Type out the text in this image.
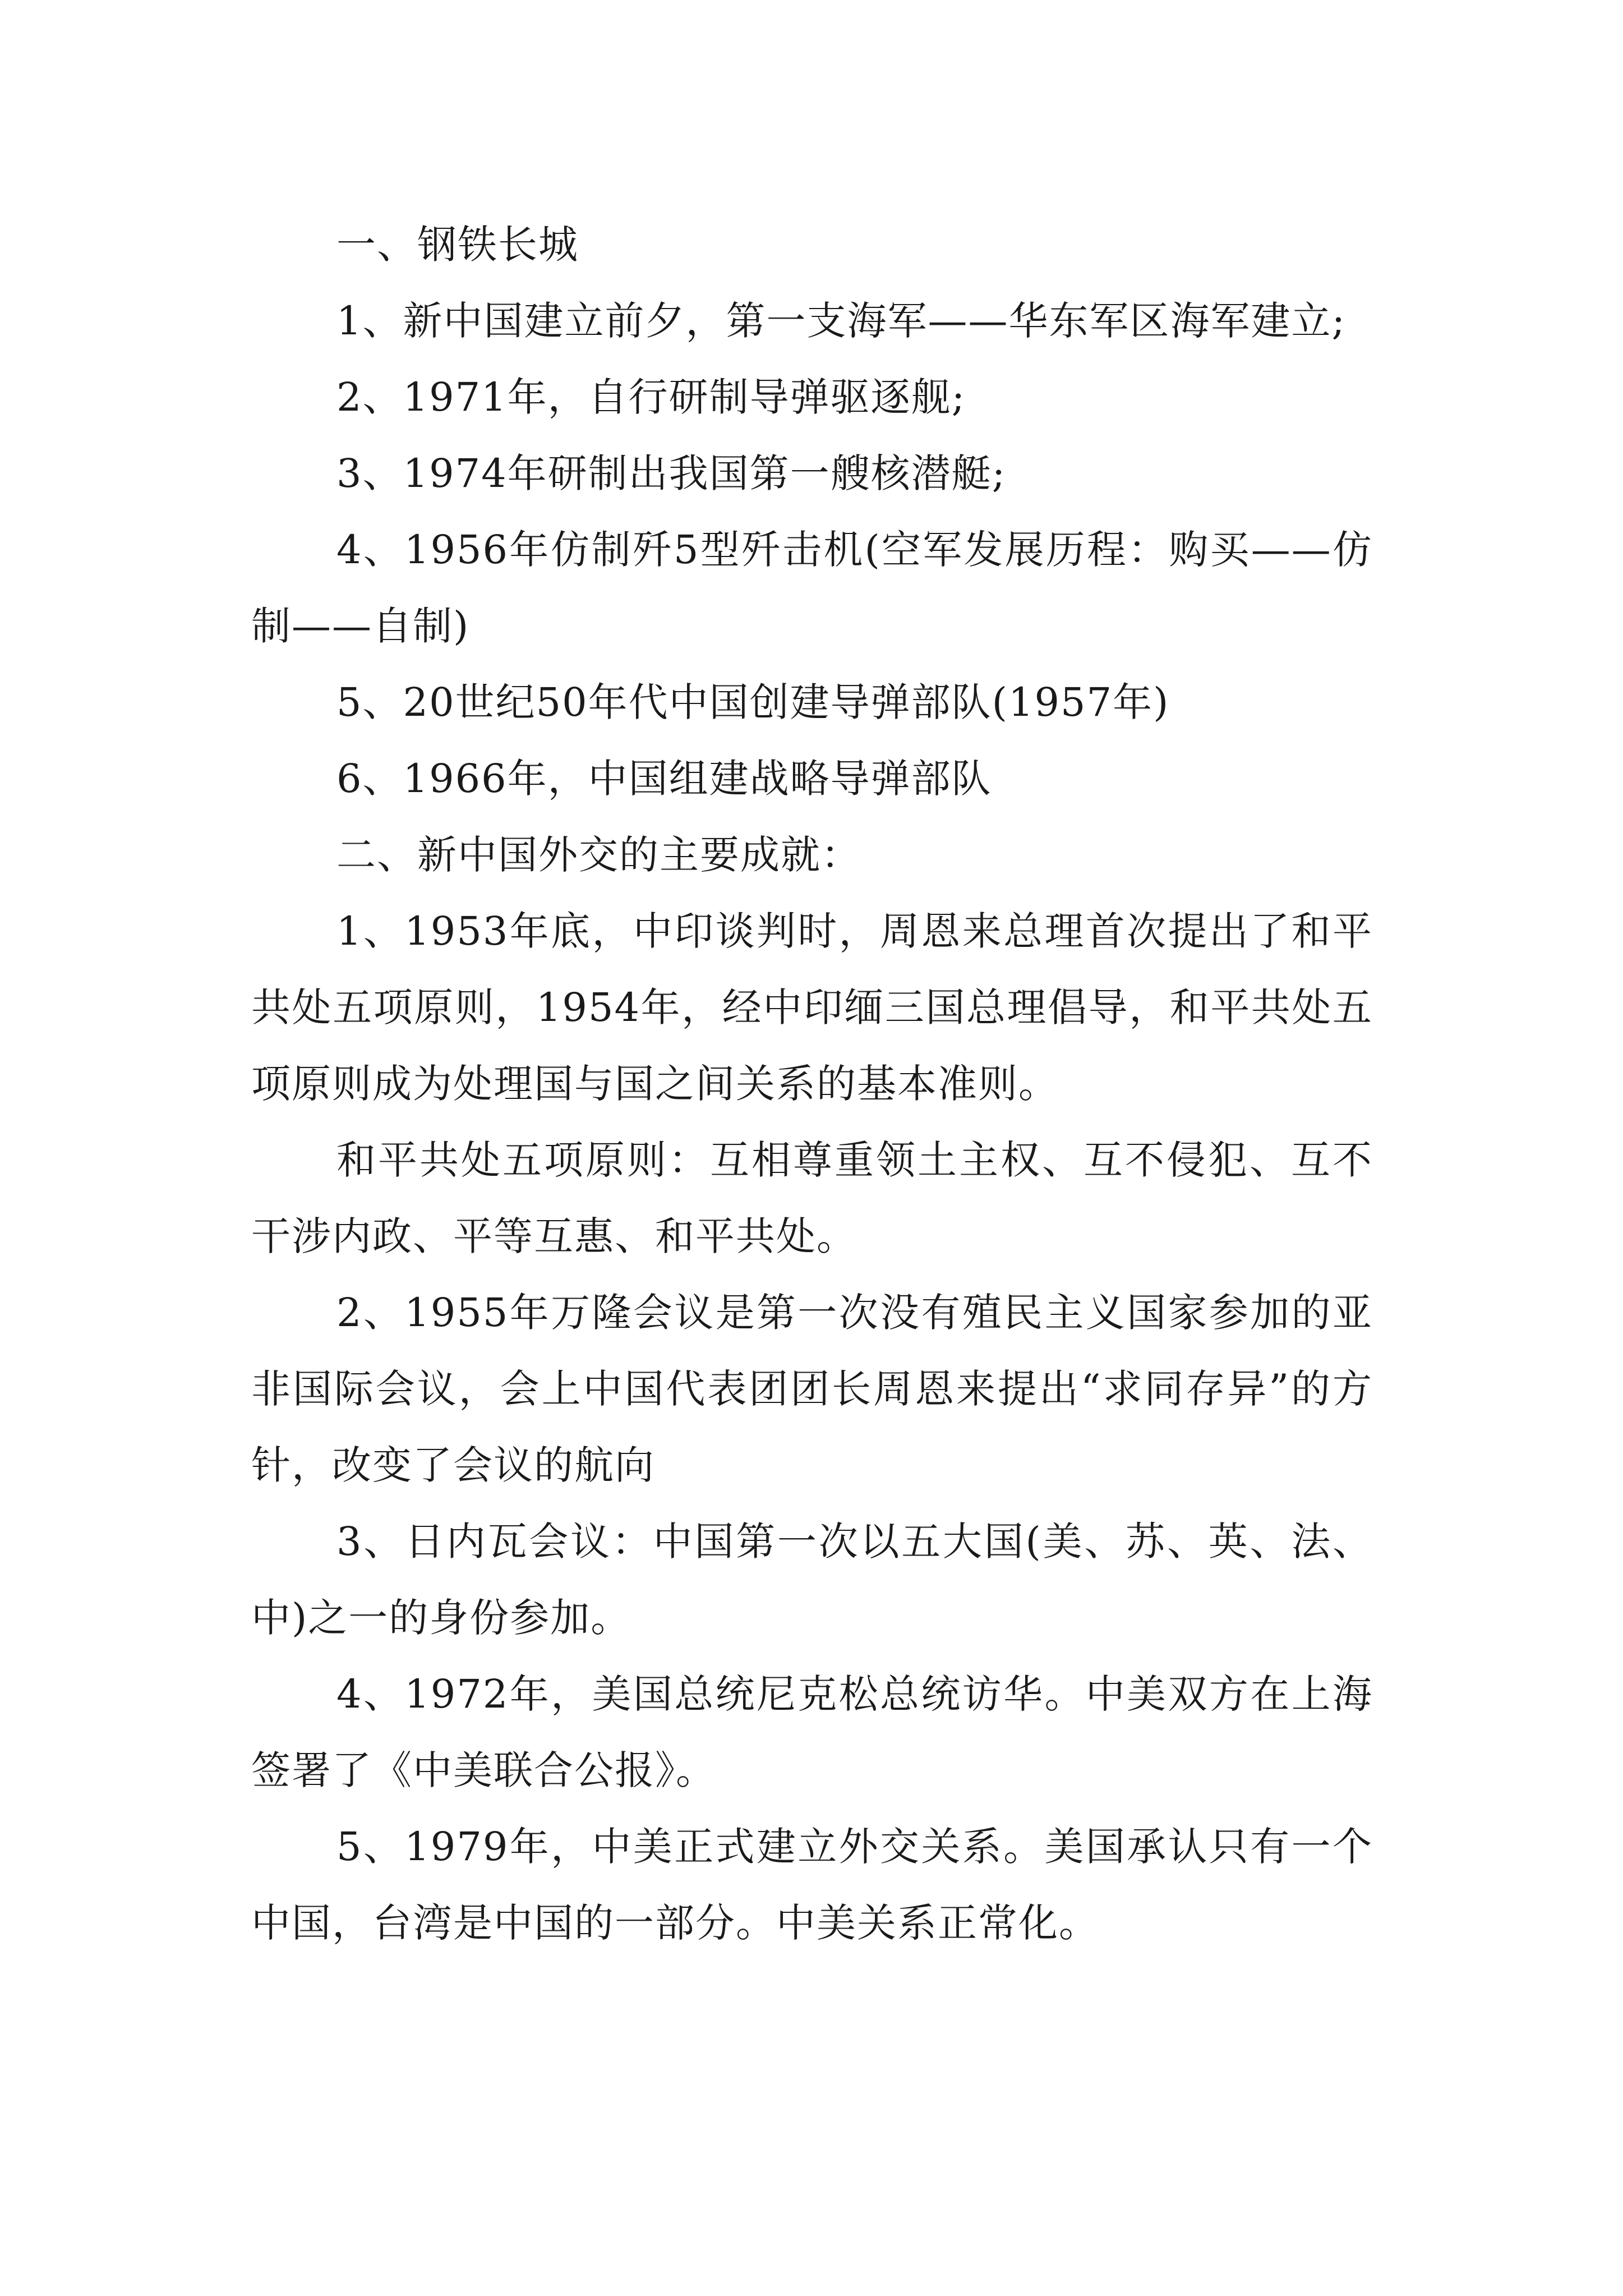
一、钢铁长城

1、新中国建立前夕，第一支海军——华东军区海军建立;

2、1971年，自行研制导弹驱逐舰;

3、1974年研制出我国第一艘核潜艇;

4、1956年仿制歼5型歼击机(空军发展历程：购买——仿制——自制)

5、20世纪50年代中国创建导弹部队(1957年)

6、1966年，中国组建战略导弹部队

二、新中国外交的主要成就：

1、1953年底，中印谈判时，周恩来总理首次提出了和平共处五项原则，1954年，经中印缅三国总理倡导，和平共处五项原则成为处理国与国之间关系的基本准则。

和平共处五项原则：互相尊重领土主权、互不侵犯、互不干涉内政、平等互惠、和平共处。

2、1955年万隆会议是第一次没有殖民主义国家参加的亚非国际会议，会上中国代表团团长周恩来提出“求同存异”的方针，改变了会议的航向

3、日内瓦会议：中国第一次以五大国(美、苏、英、法、中)之一的身份参加。

4、1972年，美国总统尼克松总统访华。中美双方在上海签署了《中美联合公报》。

5、1979年，中美正式建立外交关系。美国承认只有一个中国，台湾是中国的一部分。中美关系正常化。
